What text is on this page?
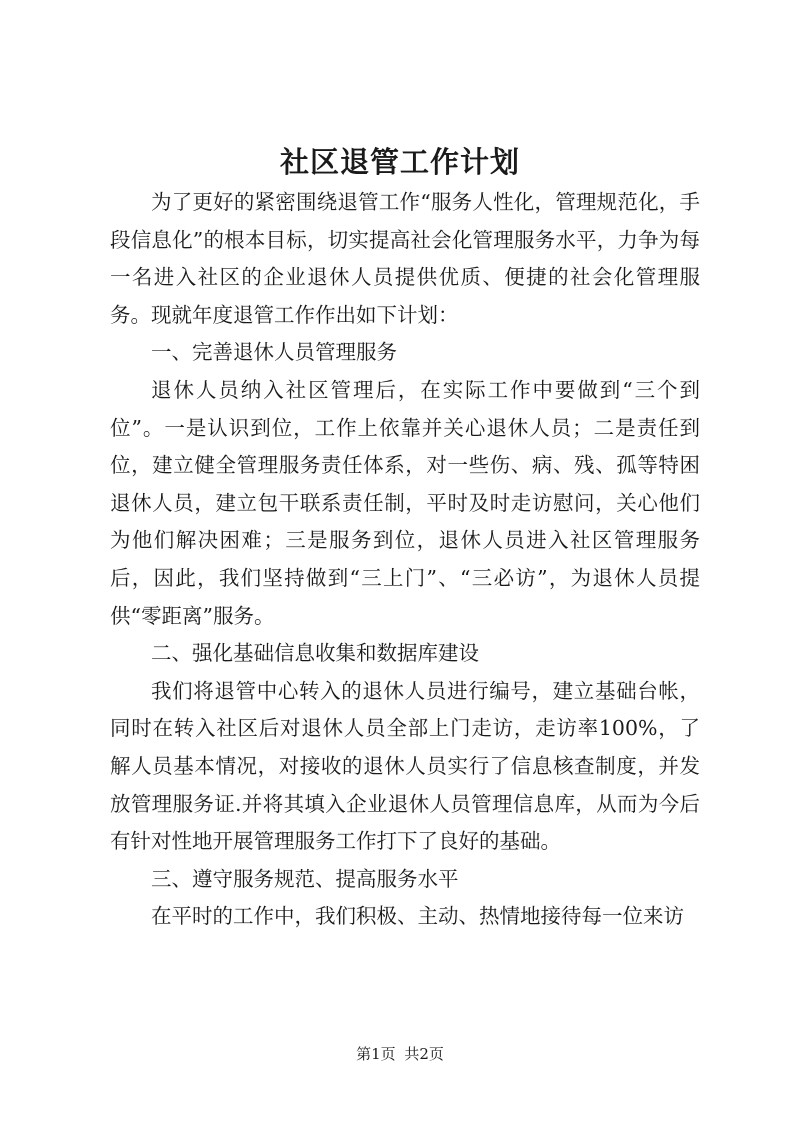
社区退管工作计划

为了更好的紧密围绕退管工作“服务人性化，管理规范化，手段信息化”的根本目标，切实提高社会化管理服务水平，力争为每一名进入社区的企业退休人员提供优质、便捷的社会化管理服务。现就年度退管工作作出如下计划：

一、完善退休人员管理服务

退休人员纳入社区管理后，在实际工作中要做到“三个到位”。一是认识到位，工作上依靠并关心退休人员；二是责任到位，建立健全管理服务责任体系，对一些伤、病、残、孤等特困退休人员，建立包干联系责任制，平时及时走访慰问，关心他们为他们解决困难；三是服务到位，退休人员进入社区管理服务后，因此，我们坚持做到“三上门”、“三必访”，为退休人员提供“零距离”服务。

二、强化基础信息收集和数据库建设

我们将退管中心转入的退休人员进行编号，建立基础台帐，同时在转入社区后对退休人员全部上门走访，走访率100%，了解人员基本情况，对接收的退休人员实行了信息核查制度，并发放管理服务证.并将其填入企业退休人员管理信息库，从而为今后有针对性地开展管理服务工作打下了良好的基础。

三、遵守服务规范、提高服务水平

在平时的工作中，我们积极、主动、热情地接待每一位来访

第1页 共2页
